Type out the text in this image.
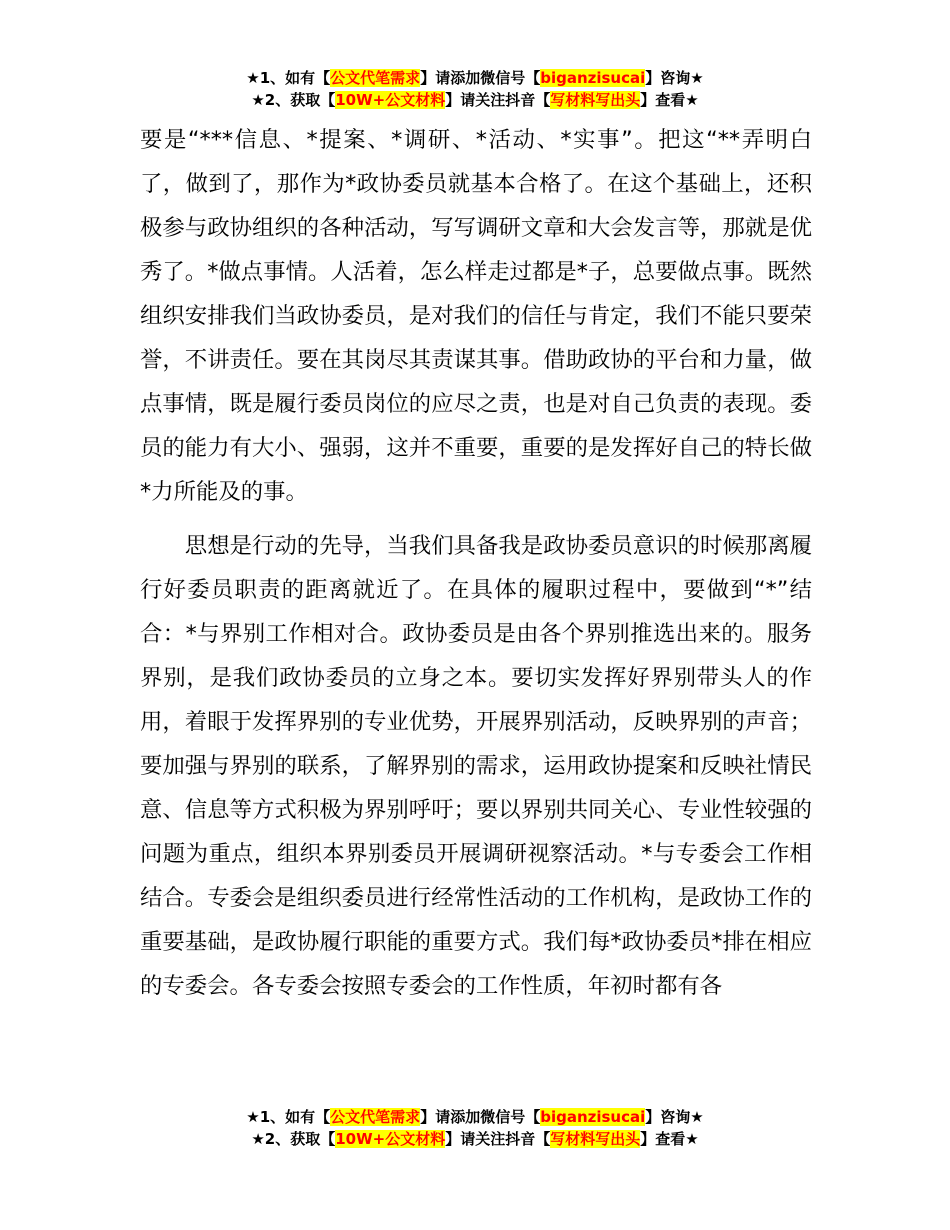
★1、如有【公文代笔需求】请添加微信号【biganzisucai】咨询★
★2、获取【10W+公文材料】请关注抖音【写材料写出头】查看★

要是“***信息、*提案、*调研、*活动、*实事”。把这“**弄明白了，做到了，那作为*政协委员就基本合格了。在这个基础上，还积极参与政协组织的各种活动，写写调研文章和大会发言等，那就是优秀了。*做点事情。人活着，怎么样走过都是*子，总要做点事。既然组织安排我们当政协委员，是对我们的信任与肯定，我们不能只要荣誉，不讲责任。要在其岗尽其责谋其事。借助政协的平台和力量，做点事情，既是履行委员岗位的应尽之责，也是对自己负责的表现。委员的能力有大小、强弱，这并不重要，重要的是发挥好自己的特长做*力所能及的事。

思想是行动的先导，当我们具备我是政协委员意识的时候那离履行好委员职责的距离就近了。在具体的履职过程中，要做到“*”结合：*与界别工作相对合。政协委员是由各个界别推选出来的。服务界别，是我们政协委员的立身之本。要切实发挥好界别带头人的作用，着眼于发挥界别的专业优势，开展界别活动，反映界别的声音；要加强与界别的联系，了解界别的需求，运用政协提案和反映社情民意、信息等方式积极为界别呼吁；要以界别共同关心、专业性较强的问题为重点，组织本界别委员开展调研视察活动。*与专委会工作相结合。专委会是组织委员进行经常性活动的工作机构，是政协工作的重要基础，是政协履行职能的重要方式。我们每*政协委员*排在相应的专委会。各专委会按照专委会的工作性质，年初时都有各

★1、如有【公文代笔需求】请添加微信号【biganzisucai】咨询★
★2、获取【10W+公文材料】请关注抖音【写材料写出头】查看★
